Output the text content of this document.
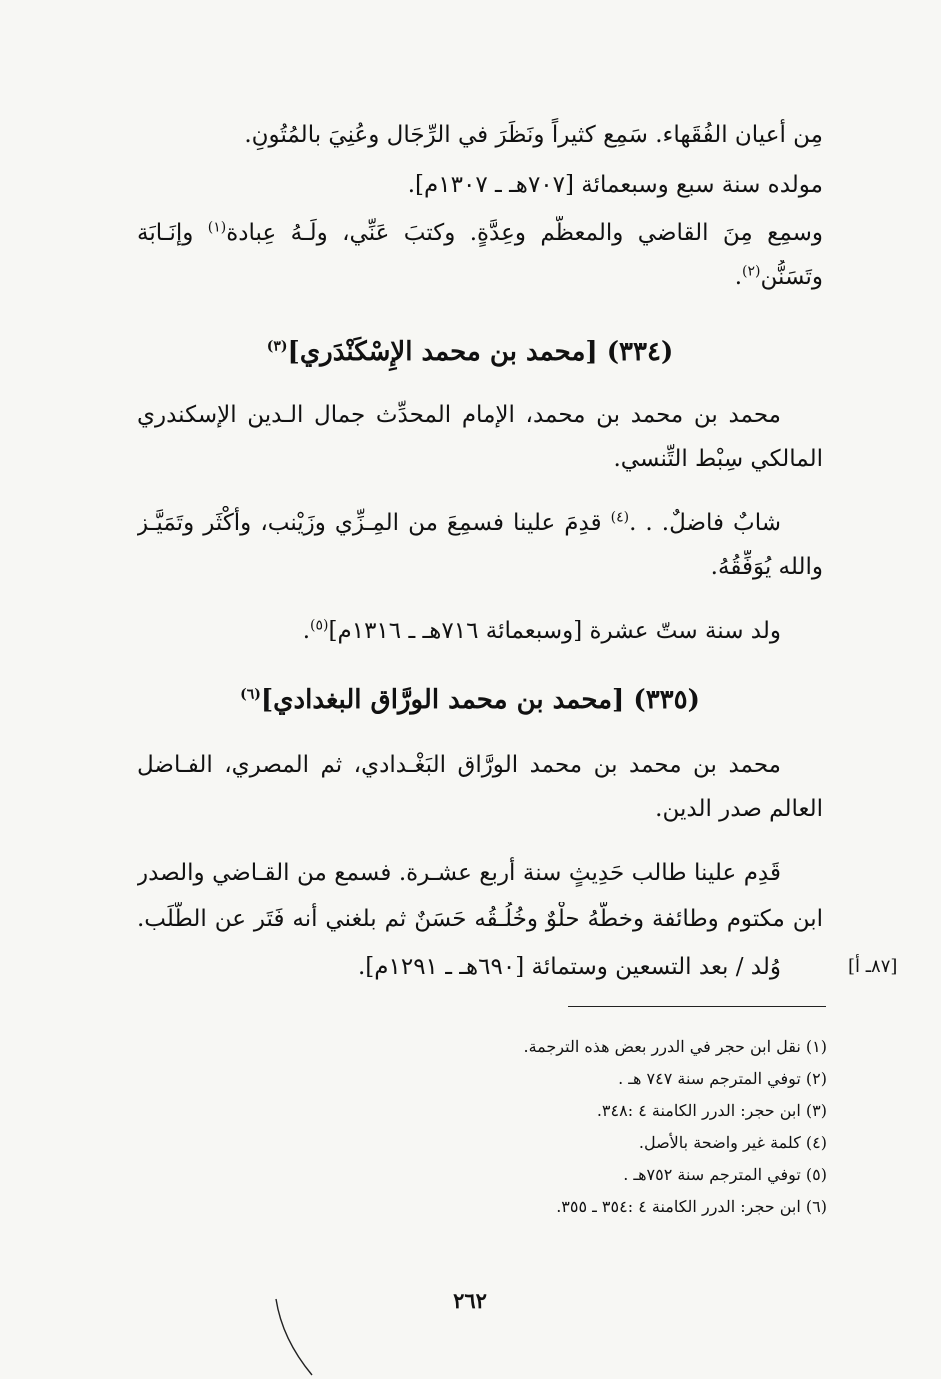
مِن أعيان الفُقَهاء. سَمِع كثيراً ونَظَرَ في الرِّجَال وعُنِيَ بالمُتُونِ.
مولده سنة سبع وسبعمائة [٧٠٧هـ ـ ١٣٠٧م].
وسمِع مِنَ القاضي والمعظَّم وعِدَّةٍ. وكتبَ عَنِّي، ولَـهُ عِبادة$^{(١)}$ وإنَـابَة
وتَسَنُّن$^{(٢)}$.
(٣٣٤) [محمد بن محمد الإِسْكَنْدَري]$^{(٣)}$
محمد بن محمد بن محمد، الإمام المحدِّث جمال الـدين الإسكندري
المالكي سِبْط التِّنسي.
شابٌ فاضلٌ. . .$^{(٤)}$ قدِمَ علينا فسمِعَ من المِـزِّي وزَيْنب، وأكْثَر وتَمَيَّـز
والله يُوَفِّقُهُ.
ولد سنة ستّ عشرة [وسبعمائة ٧١٦هـ ـ ١٣١٦م]$^{(٥)}$.
(٣٣٥) [محمد بن محمد الورَّاق البغدادي]$^{(٦)}$
محمد بن محمد بن محمد الورَّاق البَغْـدادي، ثم المصري، الفـاضل
العالم صدر الدين.
قَدِم علينا طالب حَدِيثٍ سنة أربع عشـرة. فسمع من القـاضي والصدر
ابن مكتوم وطائفة وخطُّهُ حلْوٌ وخُلُـقُه حَسَنٌ ثم بلغني أنه فَتَر عن الطَّلَب.
وُلد / بعد التسعين وستمائة [٦٩٠هـ ـ ١٢٩١م].	[٨٧ـ أ]
(١) نقل ابن حجر في الدرر بعض هذه الترجمة.
(٢) توفي المترجم سنة ٧٤٧ هـ .
(٣) ابن حجر: الدرر الكامنة ٤ :٣٤٨.
(٤) كلمة غير واضحة بالأصل.
(٥) توفي المترجم سنة ٧٥٢هـ .
(٦) ابن حجر: الدرر الكامنة ٤ :٣٥٤ ـ ٣٥٥.
٢٦٢
